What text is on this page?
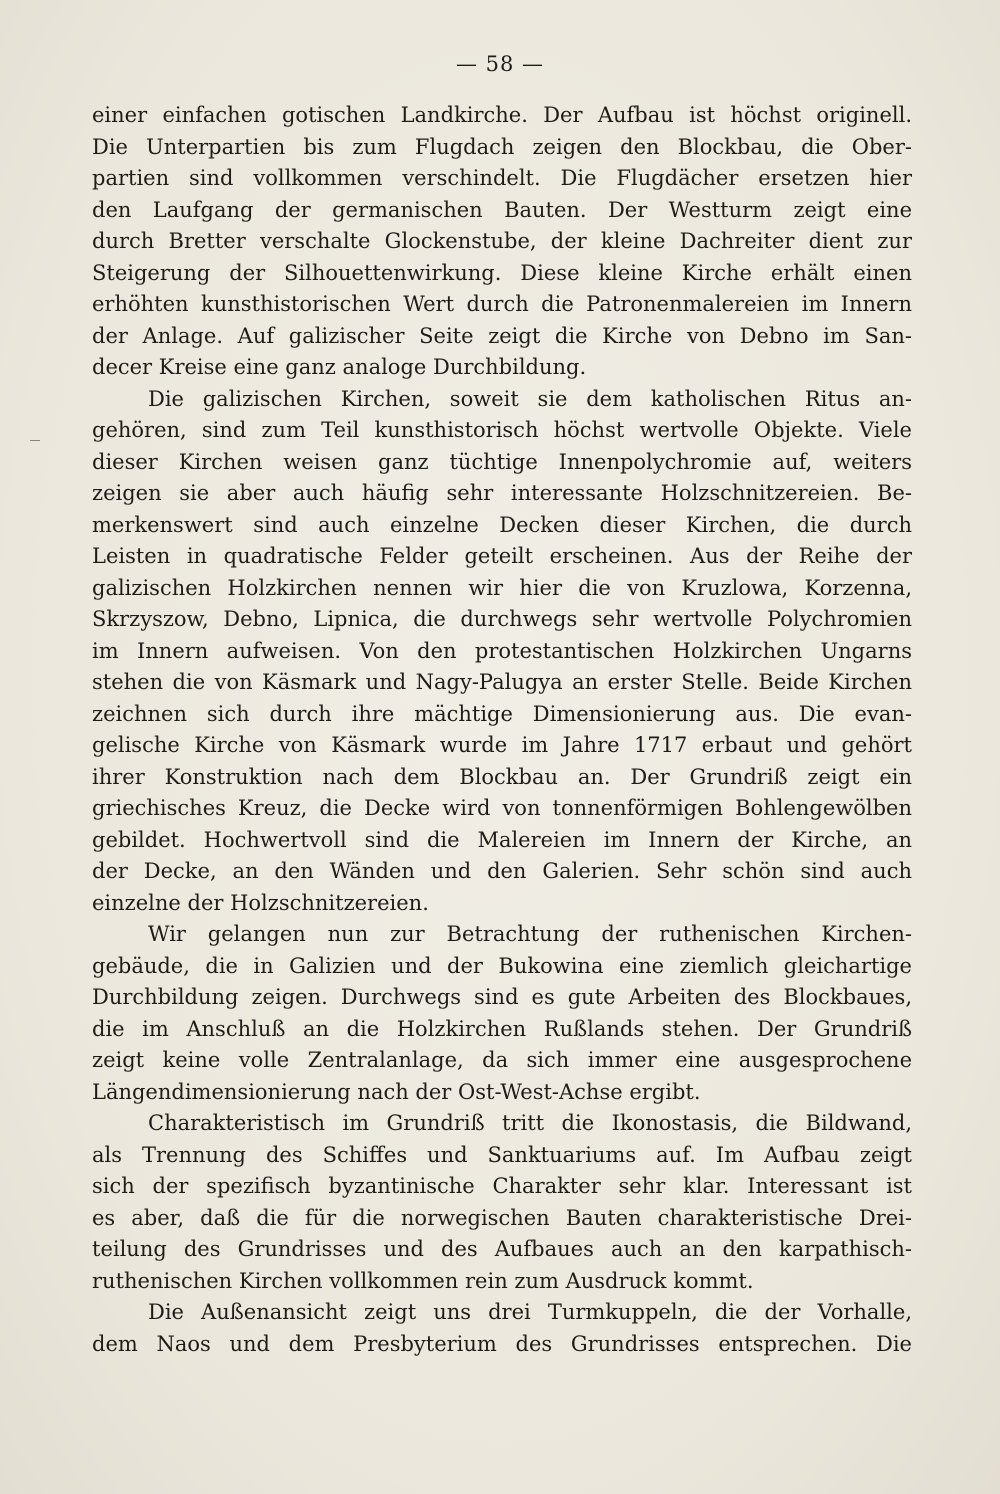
— 58 —
einer einfachen gotischen Landkirche. Der Aufbau ist höchst originell.
Die Unterpartien bis zum Flugdach zeigen den Blockbau, die Ober-
partien sind vollkommen verschindelt. Die Flugdächer ersetzen hier
den Laufgang der germanischen Bauten. Der Westturm zeigt eine
durch Bretter verschalte Glockenstube, der kleine Dachreiter dient zur
Steigerung der Silhouettenwirkung. Diese kleine Kirche erhält einen
erhöhten kunsthistorischen Wert durch die Patronenmalereien im Innern
der Anlage. Auf galizischer Seite zeigt die Kirche von Debno im San-
decer Kreise eine ganz analoge Durchbildung.
Die galizischen Kirchen, soweit sie dem katholischen Ritus an-
gehören, sind zum Teil kunsthistorisch höchst wertvolle Objekte. Viele
dieser Kirchen weisen ganz tüchtige Innenpolychromie auf, weiters
zeigen sie aber auch häufig sehr interessante Holzschnitzereien. Be-
merkenswert sind auch einzelne Decken dieser Kirchen, die durch
Leisten in quadratische Felder geteilt erscheinen. Aus der Reihe der
galizischen Holzkirchen nennen wir hier die von Kruzlowa, Korzenna,
Skrzyszow, Debno, Lipnica, die durchwegs sehr wertvolle Polychromien
im Innern aufweisen. Von den protestantischen Holzkirchen Ungarns
stehen die von Käsmark und Nagy-Palugya an erster Stelle. Beide Kirchen
zeichnen sich durch ihre mächtige Dimensionierung aus. Die evan-
gelische Kirche von Käsmark wurde im Jahre 1717 erbaut und gehört
ihrer Konstruktion nach dem Blockbau an. Der Grundriß zeigt ein
griechisches Kreuz, die Decke wird von tonnenförmigen Bohlengewölben
gebildet. Hochwertvoll sind die Malereien im Innern der Kirche, an
der Decke, an den Wänden und den Galerien. Sehr schön sind auch
einzelne der Holzschnitzereien.
Wir gelangen nun zur Betrachtung der ruthenischen Kirchen-
gebäude, die in Galizien und der Bukowina eine ziemlich gleichartige
Durchbildung zeigen. Durchwegs sind es gute Arbeiten des Blockbaues,
die im Anschluß an die Holzkirchen Rußlands stehen. Der Grundriß
zeigt keine volle Zentralanlage, da sich immer eine ausgesprochene
Längendimensionierung nach der Ost-West-Achse ergibt.
Charakteristisch im Grundriß tritt die Ikonostasis, die Bildwand,
als Trennung des Schiffes und Sanktuariums auf. Im Aufbau zeigt
sich der spezifisch byzantinische Charakter sehr klar. Interessant ist
es aber, daß die für die norwegischen Bauten charakteristische Drei-
teilung des Grundrisses und des Aufbaues auch an den karpathisch-
ruthenischen Kirchen vollkommen rein zum Ausdruck kommt.
Die Außenansicht zeigt uns drei Turmkuppeln, die der Vorhalle,
dem Naos und dem Presbyterium des Grundrisses entsprechen. Die
